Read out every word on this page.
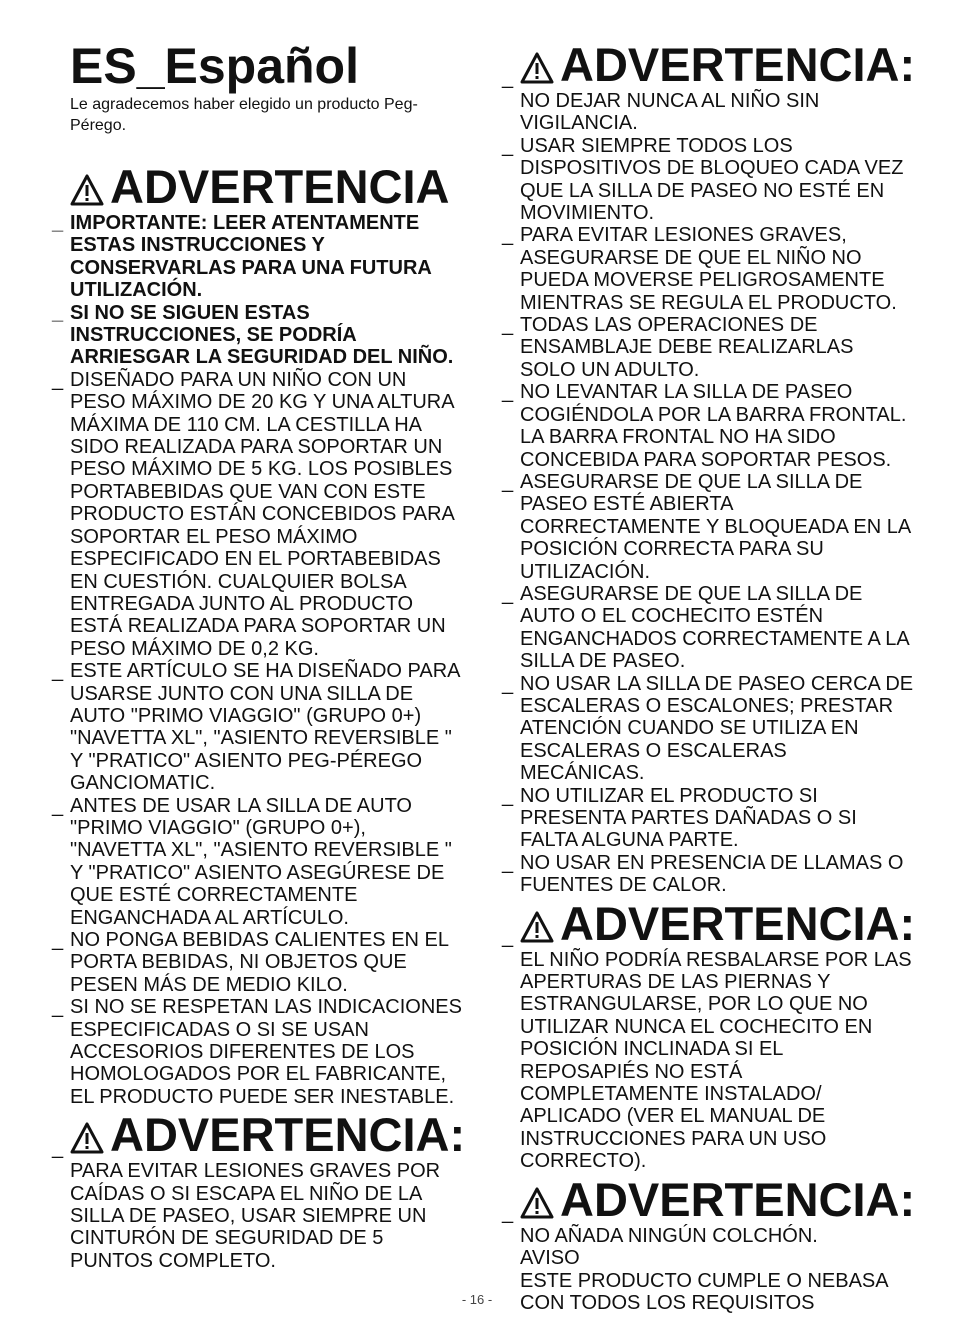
ES_Español
Le agradecemos haber elegido un producto Peg-Pérego.
ADVERTENCIA
_ IMPORTANTE: LEER ATENTAMENTE ESTAS INSTRUCCIONES Y CONSERVARLAS PARA UNA FUTURA UTILIZACIÓN.
_ SI NO SE SIGUEN ESTAS INSTRUCCIONES, SE PODRÍA ARRIESGAR LA SEGURIDAD DEL NIÑO.
_ DISEÑADO PARA UN NIÑO CON UN PESO MÁXIMO DE 20 KG Y UNA ALTURA MÁXIMA DE 110 CM. LA CESTILLA HA SIDO REALIZADA PARA SOPORTAR UN PESO MÁXIMO DE 5 KG. LOS POSIBLES PORTABEBIDAS QUE VAN CON ESTE PRODUCTO ESTÁN CONCEBIDOS PARA SOPORTAR EL PESO MÁXIMO ESPECIFICADO EN EL PORTABEBIDAS EN CUESTIÓN. CUALQUIER BOLSA ENTREGADA JUNTO AL PRODUCTO ESTÁ REALIZADA PARA SOPORTAR UN PESO MÁXIMO DE 0,2 KG.
_ ESTE ARTÍCULO SE HA DISEÑADO PARA USARSE JUNTO CON UNA SILLA DE AUTO "PRIMO VIAGGIO" (GRUPO 0+) "NAVETTA XL", "ASIENTO REVERSIBLE " Y "PRATICO" ASIENTO PEG-PÉREGO GANCIOMATIC.
_ ANTES DE USAR LA SILLA DE AUTO "PRIMO VIAGGIO" (GRUPO 0+), "NAVETTA XL", "ASIENTO REVERSIBLE " Y "PRATICO" ASIENTO ASEGÚRESE DE QUE ESTÉ CORRECTAMENTE ENGANCHADA AL ARTÍCULO.
_ NO PONGA BEBIDAS CALIENTES EN EL PORTA BEBIDAS, NI OBJETOS QUE PESEN MÁS DE MEDIO KILO.
_ SI NO SE RESPETAN LAS INDICACIONES ESPECIFICADAS O SI SE USAN ACCESORIOS DIFERENTES DE LOS HOMOLOGADOS POR EL FABRICANTE, EL PRODUCTO PUEDE SER INESTABLE.
_ ADVERTENCIA:
PARA EVITAR LESIONES GRAVES POR CAÍDAS O SI ESCAPA EL NIÑO DE LA SILLA DE PASEO, USAR SIEMPRE UN CINTURÓN DE SEGURIDAD DE 5 PUNTOS COMPLETO.
_ ADVERTENCIA:
NO DEJAR NUNCA AL NIÑO SIN VIGILANCIA.
_ USAR SIEMPRE TODOS LOS DISPOSITIVOS DE BLOQUEO CADA VEZ QUE LA SILLA DE PASEO NO ESTÉ EN MOVIMIENTO.
_ PARA EVITAR LESIONES GRAVES, ASEGURARSE DE QUE EL NIÑO NO PUEDA MOVERSE PELIGROSAMENTE MIENTRAS SE REGULA EL PRODUCTO.
_ TODAS LAS OPERACIONES DE ENSAMBLAJE DEBE REALIZARLAS SOLO UN ADULTO.
_ NO LEVANTAR LA SILLA DE PASEO COGIÉNDOLA POR LA BARRA FRONTAL. LA BARRA FRONTAL NO HA SIDO CONCEBIDA PARA SOPORTAR PESOS.
_ ASEGURARSE DE QUE LA SILLA DE PASEO ESTÉ ABIERTA CORRECTAMENTE Y BLOQUEADA EN LA POSICIÓN CORRECTA PARA SU UTILIZACIÓN.
_ ASEGURARSE DE QUE LA SILLA DE AUTO O EL COCHECITO ESTÉN ENGANCHADOS CORRECTAMENTE A LA SILLA DE PASEO.
_ NO USAR LA SILLA DE PASEO CERCA DE ESCALERAS O ESCALONES; PRESTAR ATENCIÓN CUANDO SE UTILIZA EN ESCALERAS O ESCALERAS MECÁNICAS.
_ NO UTILIZAR EL PRODUCTO SI PRESENTA PARTES DAÑADAS O SI FALTA ALGUNA PARTE.
_ NO USAR EN PRESENCIA DE LLAMAS O FUENTES DE CALOR.
_ ADVERTENCIA:
EL NIÑO PODRÍA RESBALARSE POR LAS APERTURAS DE LAS PIERNAS Y ESTRANGULARSE, POR LO QUE NO UTILIZAR NUNCA EL COCHECITO EN POSICIÓN INCLINADA SI EL REPOSAPIÉS NO ESTÁ COMPLETAMENTE INSTALADO/ APLICADO (VER EL MANUAL DE INSTRUCCIONES PARA UN USO CORRECTO).
_ ADVERTENCIA:
NO AÑADA NINGÚN COLCHÓN.
AVISO
ESTE PRODUCTO CUMPLE O NEBASA CON TODOS LOS REQUISITOS
- 16 -
